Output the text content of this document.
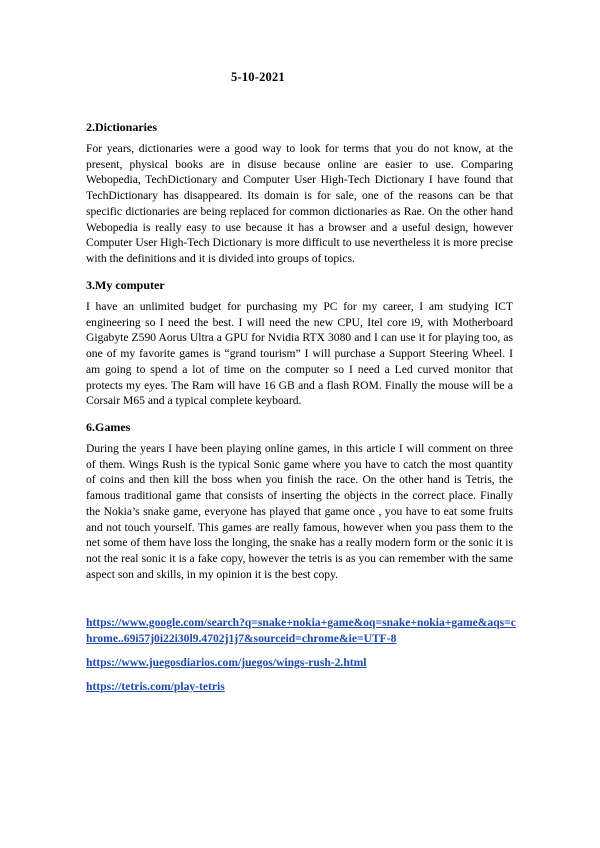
5-10-2021
2.Dictionaries
For years, dictionaries were a good way to look for terms that you do not know, at the present, physical books are in disuse because online are easier to use. Comparing Webopedia, TechDictionary and Computer User High-Tech Dictionary I have found that TechDictionary has disappeared. Its domain is for sale, one of the reasons can be that specific dictionaries are being replaced for common dictionaries as Rae. On the other hand Webopedia is really easy to use because it has a browser and a useful design, however Computer User High-Tech Dictionary is more difficult to use nevertheless it is more precise with the definitions and it is divided into groups of topics.
3.My computer
I have an unlimited budget for purchasing my PC for my career, I am studying ICT engineering so I need the best. I will need the new CPU, Itel core i9, with Motherboard Gigabyte Z590 Aorus Ultra a GPU for Nvidia RTX 3080 and I can use it for playing too, as one of my favorite games is “grand tourism” I will purchase a Support Steering Wheel. I am going to spend a lot of time on the computer so I need a Led curved monitor that protects my eyes. The Ram will have 16 GB and a flash ROM. Finally the mouse will be a Corsair M65 and a typical complete keyboard.
6.Games
During the years I have been playing online games, in this article I will comment on three of them. Wings Rush is the typical Sonic game where you have to catch the most quantity of coins and then kill the boss when you finish the race. On the other hand is Tetris, the famous traditional game that consists of inserting the objects in the correct place. Finally the Nokia’s snake game, everyone has played that game once , you have to eat some fruits and not touch yourself. This games are really famous, however when you pass them to the net some of them have loss the longing, the snake has a really modern form or the sonic it is not the real sonic it is a fake copy, however the tetris is as you can remember with the same aspect son and skills, in my opinion it is the best copy.
https://www.google.com/search?q=snake+nokia+game&oq=snake+nokia+game&aqs=chrome..69i57j0i22i30l9.4702j1j7&sourceid=chrome&ie=UTF-8
https://www.juegosdiarios.com/juegos/wings-rush-2.html
https://tetris.com/play-tetris
